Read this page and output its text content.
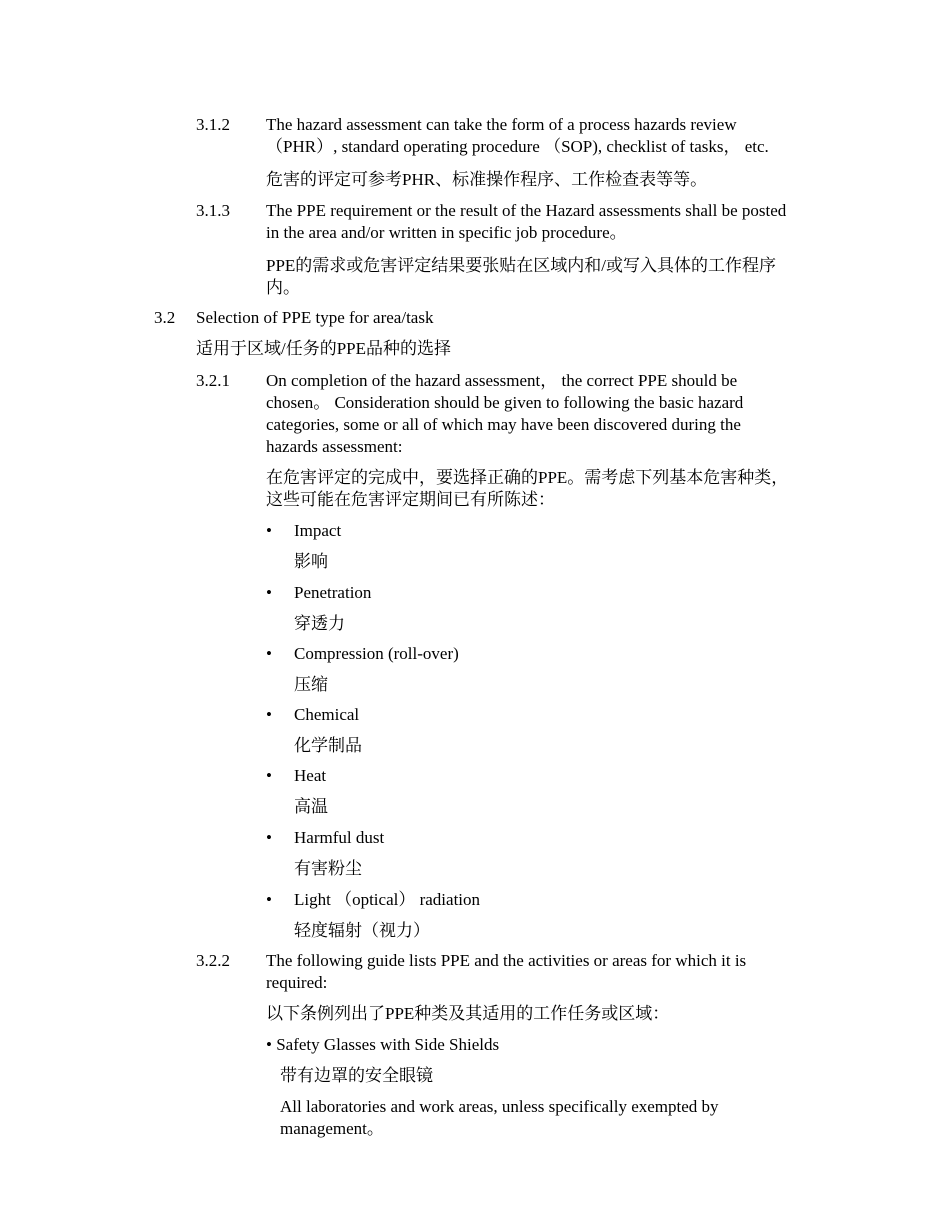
3.1.2 The hazard assessment can take the form of a process hazards review
（PHR）, standard operating procedure （SOP), checklist of tasks， etc.
危害的评定可参考PHR、标准操作程序、工作检查表等等。
3.1.3 The PPE requirement or the result of the Hazard assessments shall be posted
in the area and/or written in specific job procedure。
PPE的需求或危害评定结果要张贴在区域内和/或写入具体的工作程序
内。
3.2 Selection of PPE type for area/task
适用于区域/任务的PPE品种的选择
3.2.1 On completion of the hazard assessment， the correct PPE should be
chosen。 Consideration should be given to following the basic hazard
categories, some or all of which may have been discovered during the
hazards assessment:
在危害评定的完成中，要选择正确的PPE。需考虑下列基本危害种类，
这些可能在危害评定期间已有所陈述：
• Impact
影响
• Penetration
穿透力
• Compression (roll-over)
压缩
• Chemical
化学制品
• Heat
高温
• Harmful dust
有害粉尘
• Light （optical） radiation
轻度辐射（视力）
3.2.2 The following guide lists PPE and the activities or areas for which it is
required:
以下条例列出了PPE种类及其适用的工作任务或区域：
• Safety Glasses with Side Shields
带有边罩的安全眼镜
All laboratories and work areas, unless specifically exempted by
management。
